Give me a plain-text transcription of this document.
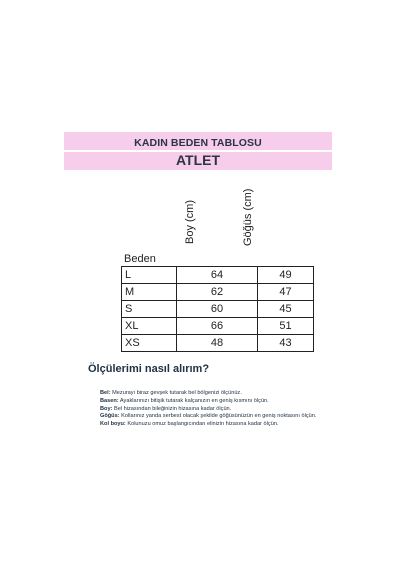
KADIN BEDEN TABLOSU
ATLET
Boy (cm)	Göğüs (cm)
Beden
L	64	49
M	62	47
S	60	45
XL	66	51
XS	48	43
Ölçülerimi nasıl alırım?
Bel: Mezurayı biraz gevşek tutarak bel bölgenizi ölçünüz.
Basen: Ayaklarınızı bitişik tutarak kalçanızın en geniş kısmını ölçün.
Boy: Bel hizasından bileğinizin hizasına kadar ölçün.
Göğüs: Kollarınız yanda serbest olacak şekilde göğüsünüzün en geniş noktasını ölçün.
Kol boyu: Kolunuzu omuz başlangıcından elinizin hizasına kadar ölçün.
